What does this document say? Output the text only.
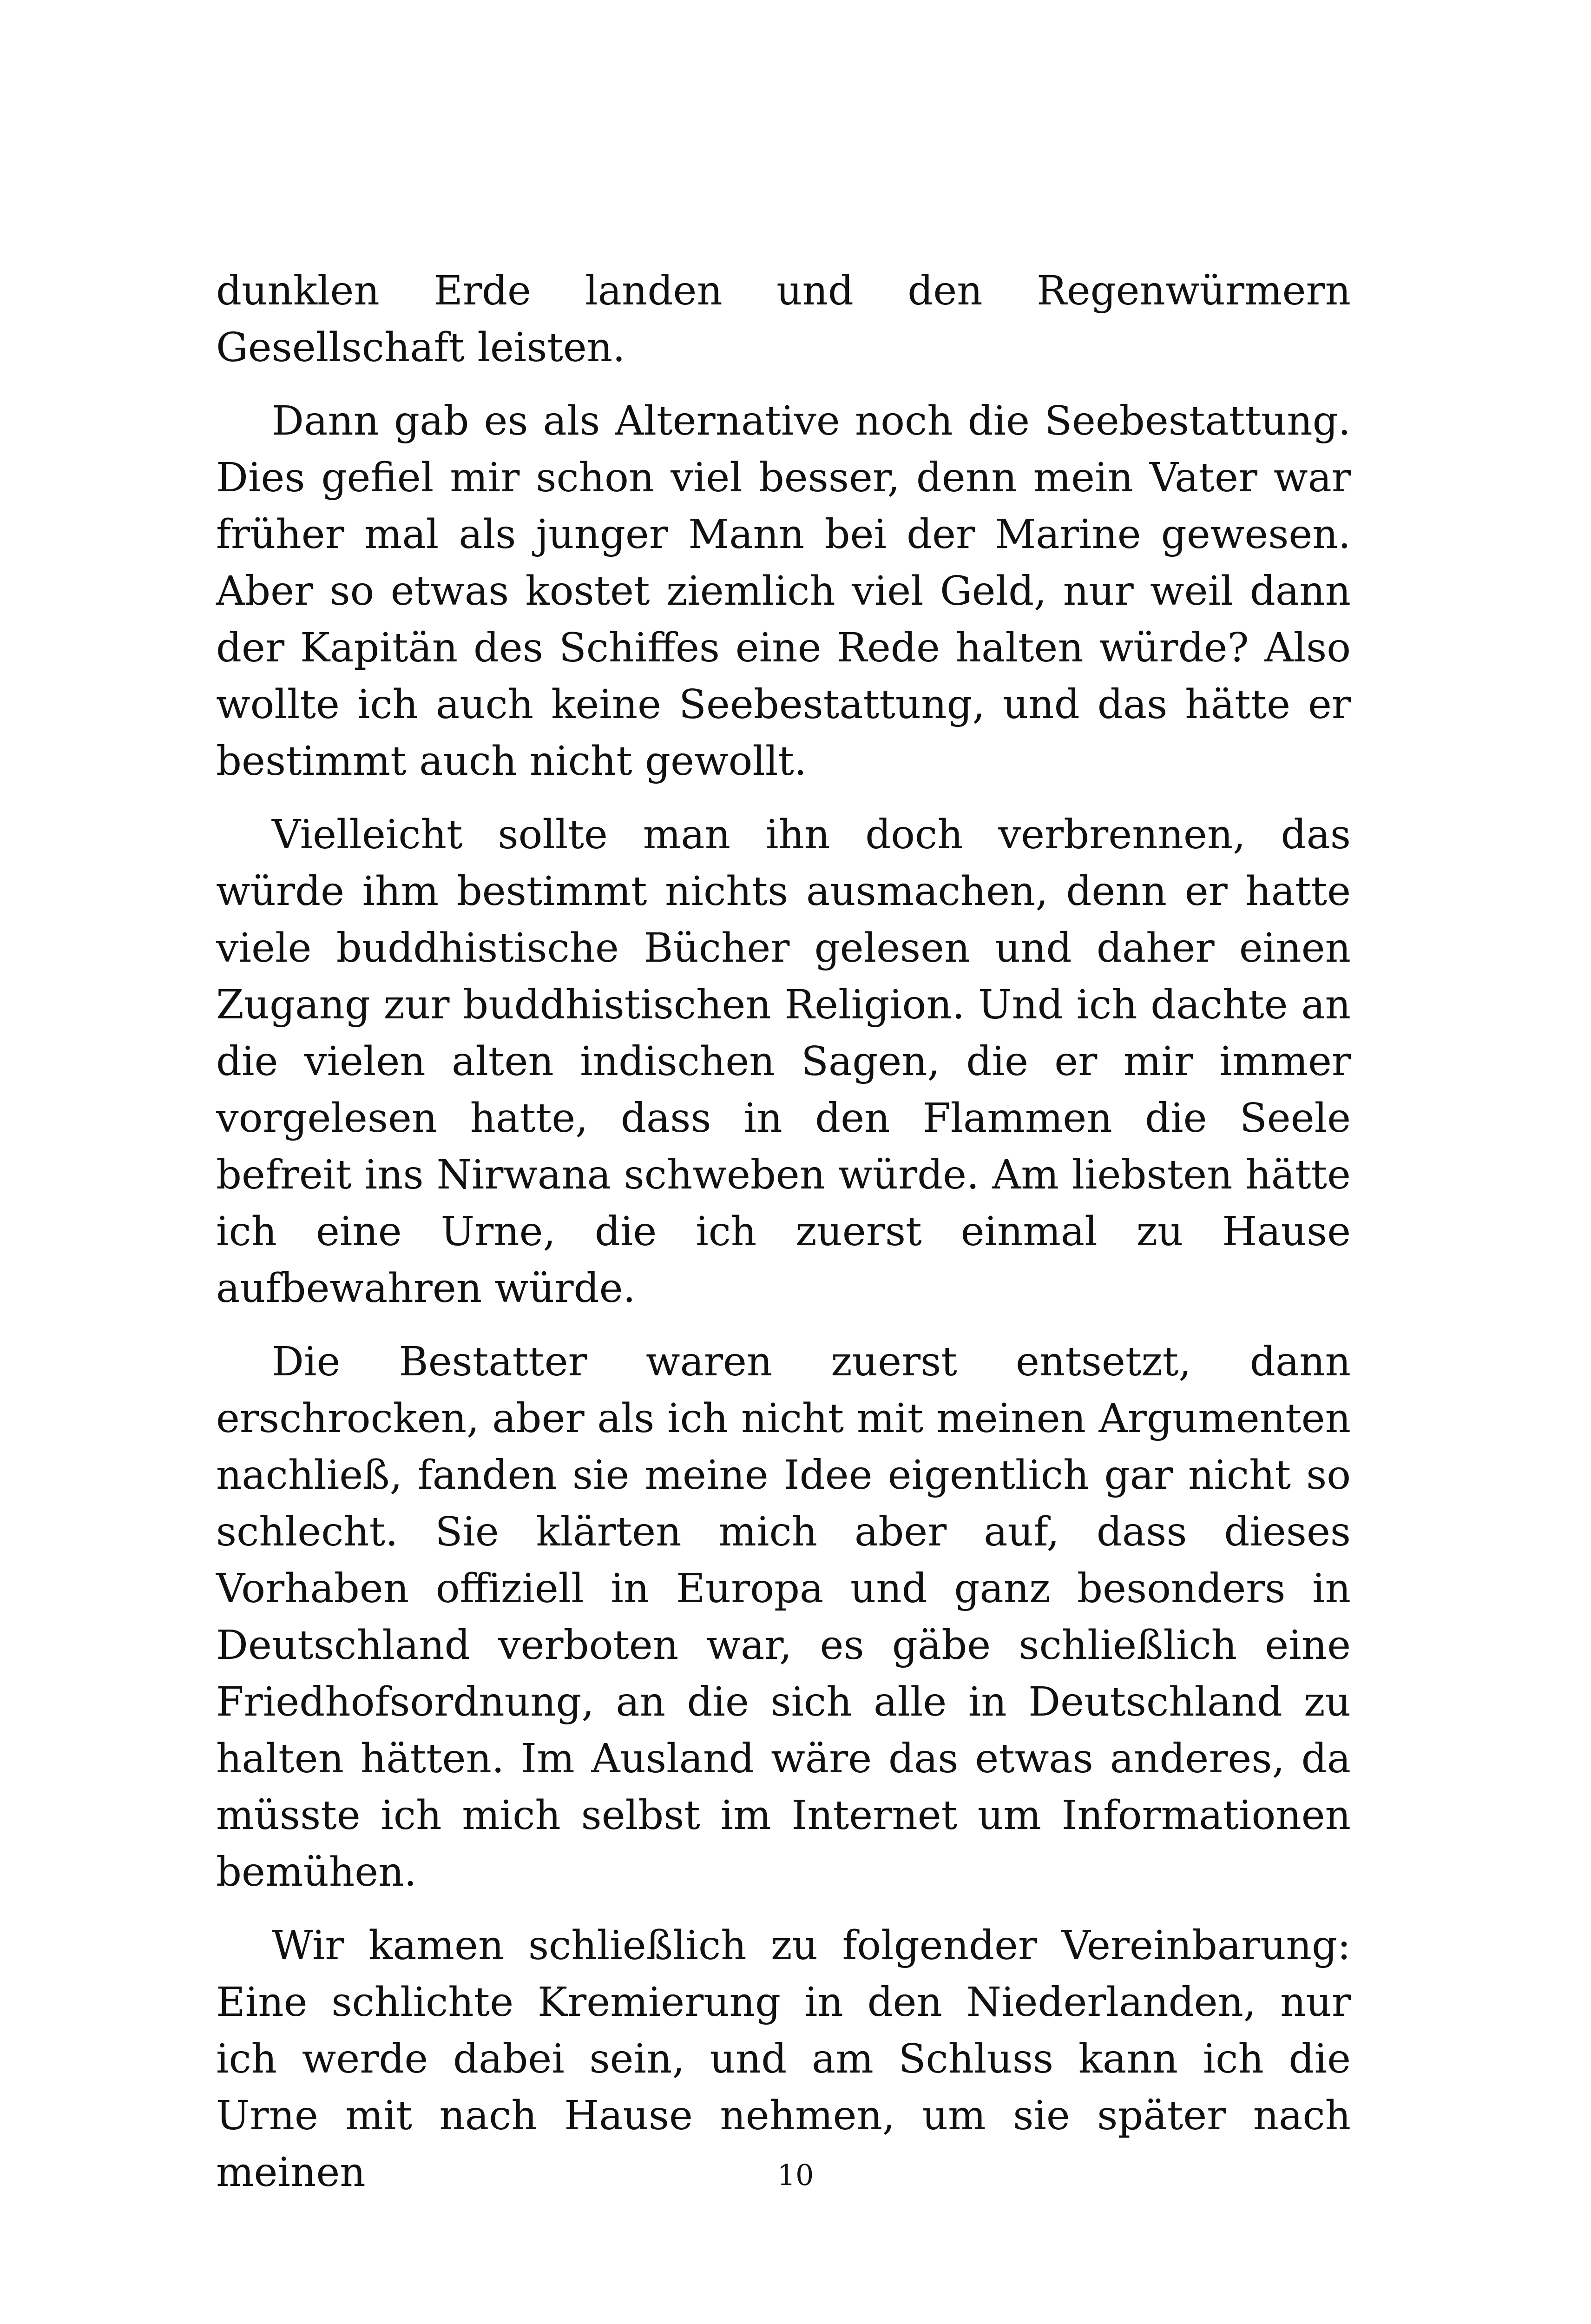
dunklen Erde landen und den Regenwürmern Gesellschaft leisten.

Dann gab es als Alternative noch die Seebestattung. Dies gefiel mir schon viel besser, denn mein Vater war früher mal als junger Mann bei der Marine gewesen. Aber so etwas kostet ziemlich viel Geld, nur weil dann der Kapitän des Schiffes eine Rede halten würde? Also wollte ich auch keine Seebestattung, und das hätte er bestimmt auch nicht gewollt.

Vielleicht sollte man ihn doch verbrennen, das würde ihm bestimmt nichts ausmachen, denn er hatte viele buddhistische Bücher gelesen und daher einen Zugang zur buddhistischen Religion. Und ich dachte an die vielen alten indischen Sagen, die er mir immer vorgelesen hatte, dass in den Flammen die Seele befreit ins Nirwana schweben würde. Am liebsten hätte ich eine Urne, die ich zuerst einmal zu Hause aufbewahren würde.

Die Bestatter waren zuerst entsetzt, dann erschrocken, aber als ich nicht mit meinen Argumenten nachließ, fanden sie meine Idee eigentlich gar nicht so schlecht. Sie klärten mich aber auf, dass dieses Vorhaben offiziell in Europa und ganz besonders in Deutschland verboten war, es gäbe schließlich eine Friedhofsordnung, an die sich alle in Deutschland zu halten hätten. Im Ausland wäre das etwas anderes, da müsste ich mich selbst im Internet um Informationen bemühen.

Wir kamen schließlich zu folgender Vereinbarung: Eine schlichte Kremierung in den Niederlanden, nur ich werde dabei sein, und am Schluss kann ich die Urne mit nach Hause nehmen, um sie später nach meinen	10
